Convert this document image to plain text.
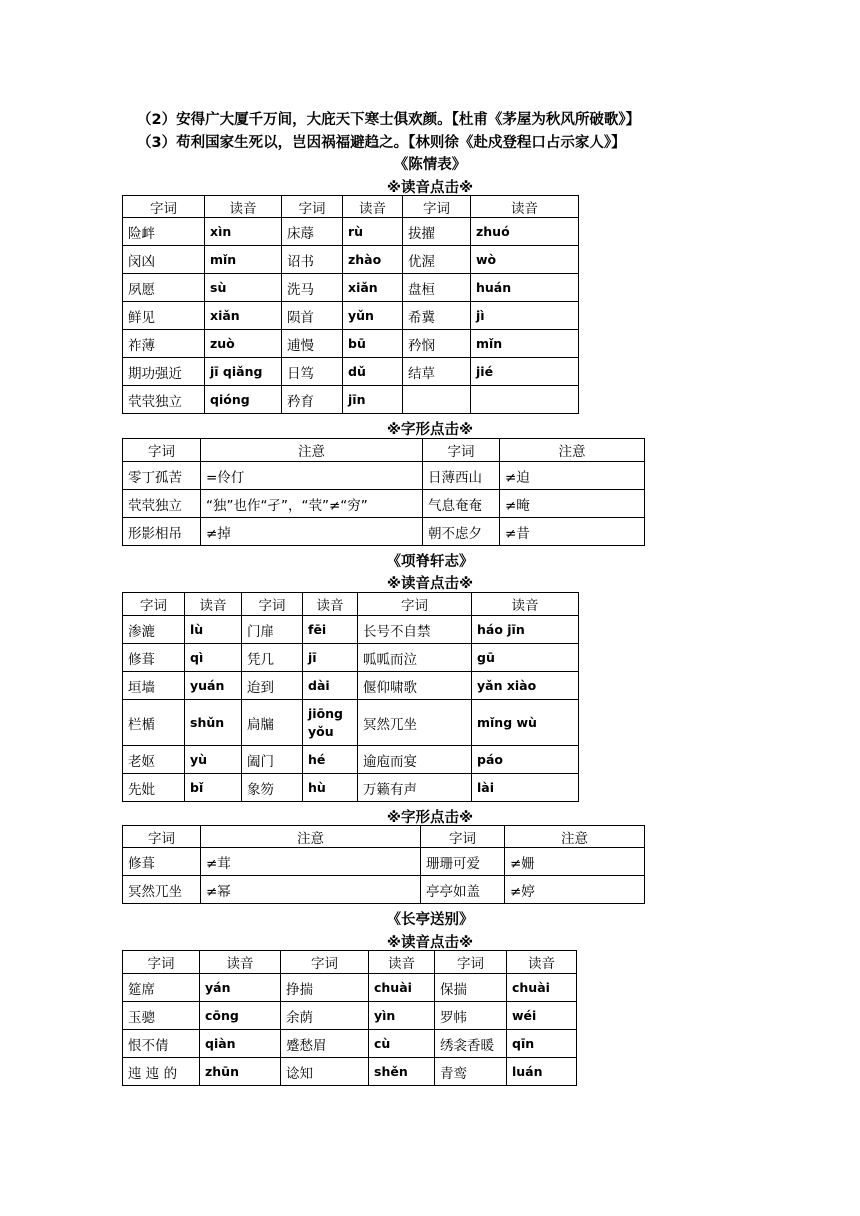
（2）安得广大厦千万间，大庇天下寒士俱欢颜。【杜甫《茅屋为秋风所破歌》】
（3）苟利国家生死以，岂因祸福避趋之。【林则徐《赴戍登程口占示家人》】
《陈情表》
※读音点击※
字词	读音	字词	读音	字词	读音
险衅	xìn	床蓐	rù	拔擢	zhuó
闵凶	mǐn	诏书	zhào	优渥	wò
夙愿	sù	洗马	xiǎn	盘桓	huán
鲜见	xiǎn	陨首	yǔn	希冀	jì
祚薄	zuò	逋慢	bū	矜悯	mǐn
期功强近	jī qiǎng	日笃	dǔ	结草	jié
茕茕独立	qióng	矜育	jīn		
※字形点击※
字词	注意	字词	注意
零丁孤苦	=伶仃	日薄西山	≠迫
茕茕独立	“独”也作“孑”，“茕”≠“穷”	气息奄奄	≠晻
形影相吊	≠掉	朝不虑夕	≠昔
《项脊轩志》
※读音点击※
字词	读音	字词	读音	字词	读音
渗漉	lù	门扉	fēi	长号不自禁	háo jīn
修葺	qì	凭几	jī	呱呱而泣	gū
垣墙	yuán	迨到	dài	偃仰啸歌	yǎn xiào
栏楯	shǔn	扃牖	jiōng yǒu	冥然兀坐	mǐng wù
老妪	yù	阖门	hé	逾庖而宴	páo
先妣	bǐ	象笏	hù	万籁有声	lài
※字形点击※
字词	注意	字词	注意
修葺	≠茸	珊珊可爱	≠姗
冥然兀坐	≠幂	亭亭如盖	≠婷
《长亭送别》
※读音点击※
字词	读音	字词	读音	字词	读音
筵席	yán	挣揣	chuài	保揣	chuài
玉骢	cōng	余荫	yìn	罗帏	wéi
恨不倩	qiàn	蹙愁眉	cù	绣衾香暖	qīn
迍 迍 的	zhūn	谂知	shěn	青鸾	luán
